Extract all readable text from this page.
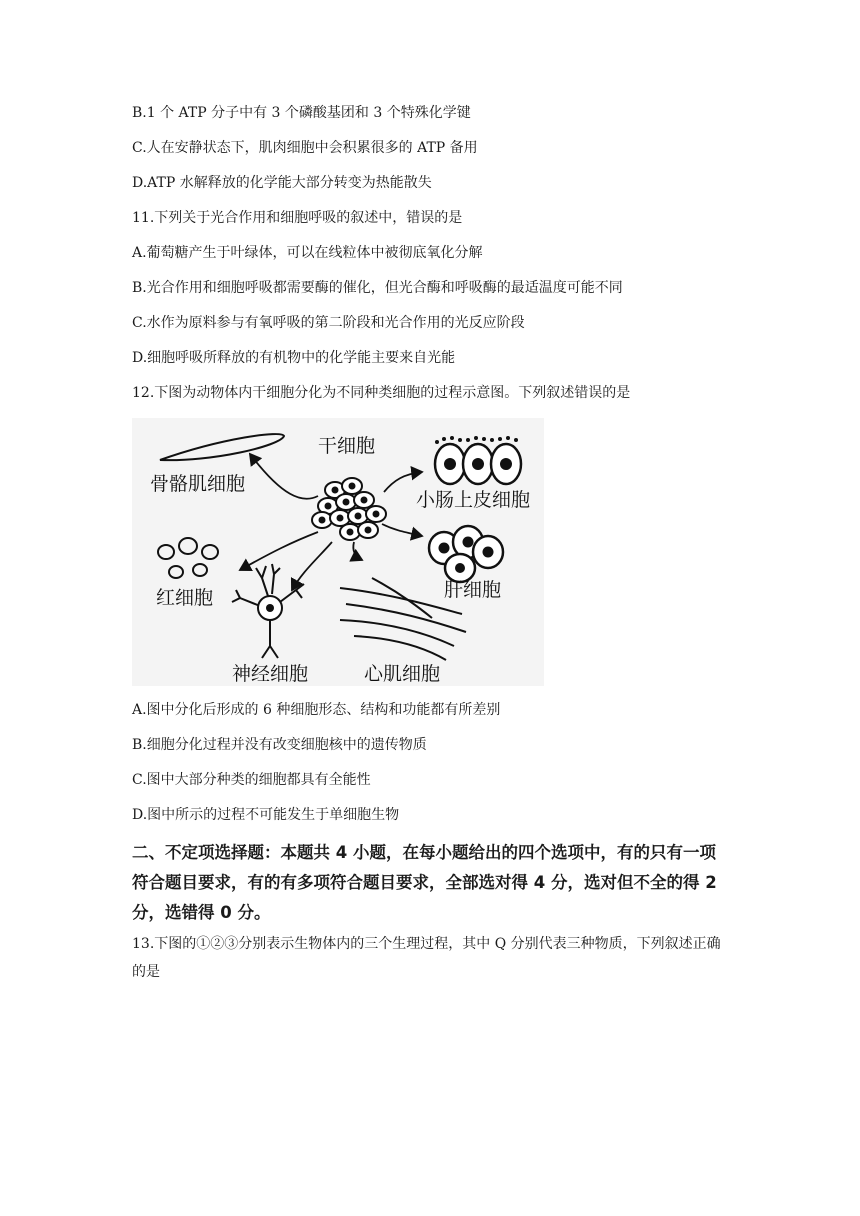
B.1 个 ATP 分子中有 3 个磷酸基团和 3 个特殊化学键
C.人在安静状态下，肌肉细胞中会积累很多的 ATP 备用
D.ATP 水解释放的化学能大部分转变为热能散失
11.下列关于光合作用和细胞呼吸的叙述中，错误的是
A.葡萄糖产生于叶绿体，可以在线粒体中被彻底氧化分解
B.光合作用和细胞呼吸都需要酶的催化，但光合酶和呼吸酶的最适温度可能不同
C.水作为原料参与有氧呼吸的第二阶段和光合作用的光反应阶段
D.细胞呼吸所释放的有机物中的化学能主要来自光能
12.下图为动物体内干细胞分化为不同种类细胞的过程示意图。下列叙述错误的是
干细胞
骨骼肌细胞
小肠上皮细胞
红细胞	肝细胞
神经细胞	心肌细胞
A.图中分化后形成的 6 种细胞形态、结构和功能都有所差别
B.细胞分化过程并没有改变细胞核中的遗传物质
C.图中大部分种类的细胞都具有全能性
D.图中所示的过程不可能发生于单细胞生物
二、不定项选择题：本题共 4 小题，在每小题给出的四个选项中，有的只有一项符合题目要求，有的有多项符合题目要求，全部选对得 4 分，选对但不全的得 2 分，选错得 0 分。
13.下图的①②③分别表示生物体内的三个生理过程，其中 Q 分别代表三种物质，下列叙述正确的是
